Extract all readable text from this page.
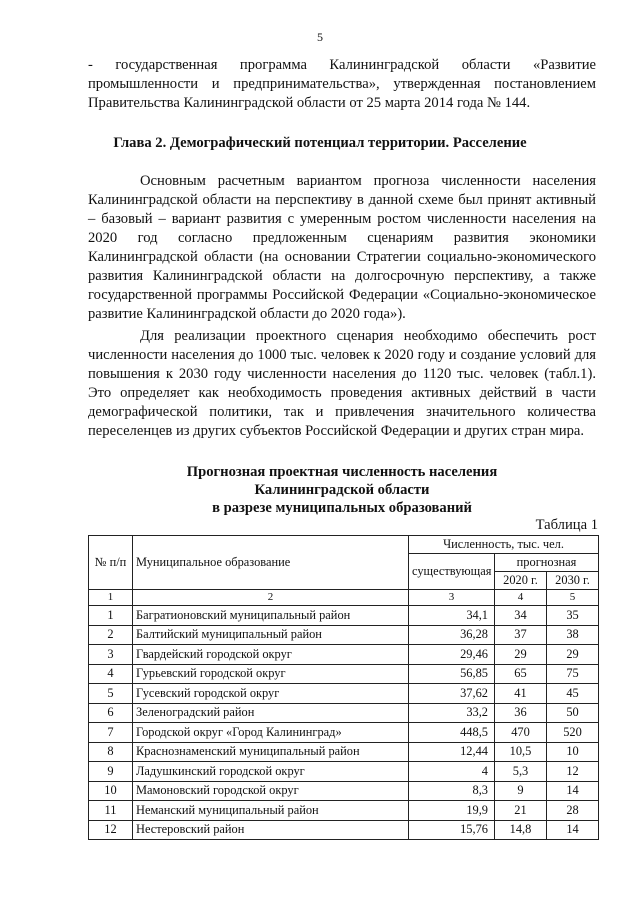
5

- государственная программа Калининградской области «Развитие промышленности и предпринимательства», утвержденная постановлением Правительства Калининградской области от 25 марта 2014 года № 144.

Глава 2. Демографический потенциал территории. Расселение

Основным расчетным вариантом прогноза численности населения Калининградской области на перспективу в данной схеме был принят активный – базовый – вариант развития с умеренным ростом численности населения на 2020 год согласно предложенным сценариям развития экономики Калининградской области (на основании Стратегии социально-экономического развития Калининградской области на долгосрочную перспективу, а также государственной программы Российской Федерации «Социально-экономическое развитие Калининградской области до 2020 года»).

Для реализации проектного сценария необходимо обеспечить рост численности населения до 1000 тыс. человек к 2020 году и создание условий для повышения к 2030 году численности населения до 1120 тыс. человек (табл.1). Это определяет как необходимость проведения активных действий в части демографической политики, так и привлечения значительного количества переселенцев из других субъектов Российской Федерации и других стран мира.

Прогнозная проектная численность населения
Калининградской области
в разрезе муниципальных образований
Таблица 1
№ п/п	Муниципальное образование	Численность, тыс. чел.		
		существующая	прогнозная	
			2020 г.	2030 г.
1	2	3	4	5
1	Багратионовский муниципальный район	34,1	34	35
2	Балтийский муниципальный район	36,28	37	38
3	Гвардейский городской округ	29,46	29	29
4	Гурьевский городской округ	56,85	65	75
5	Гусевский городской округ	37,62	41	45
6	Зеленоградский район	33,2	36	50
7	Городской округ «Город Калининград»	448,5	470	520
8	Краснознаменский муниципальный район	12,44	10,5	10
9	Ладушкинский городской округ	4	5,3	12
10	Мамоновский городской округ	8,3	9	14
11	Неманский муниципальный район	19,9	21	28
12	Нестеровский район	15,76	14,8	14
